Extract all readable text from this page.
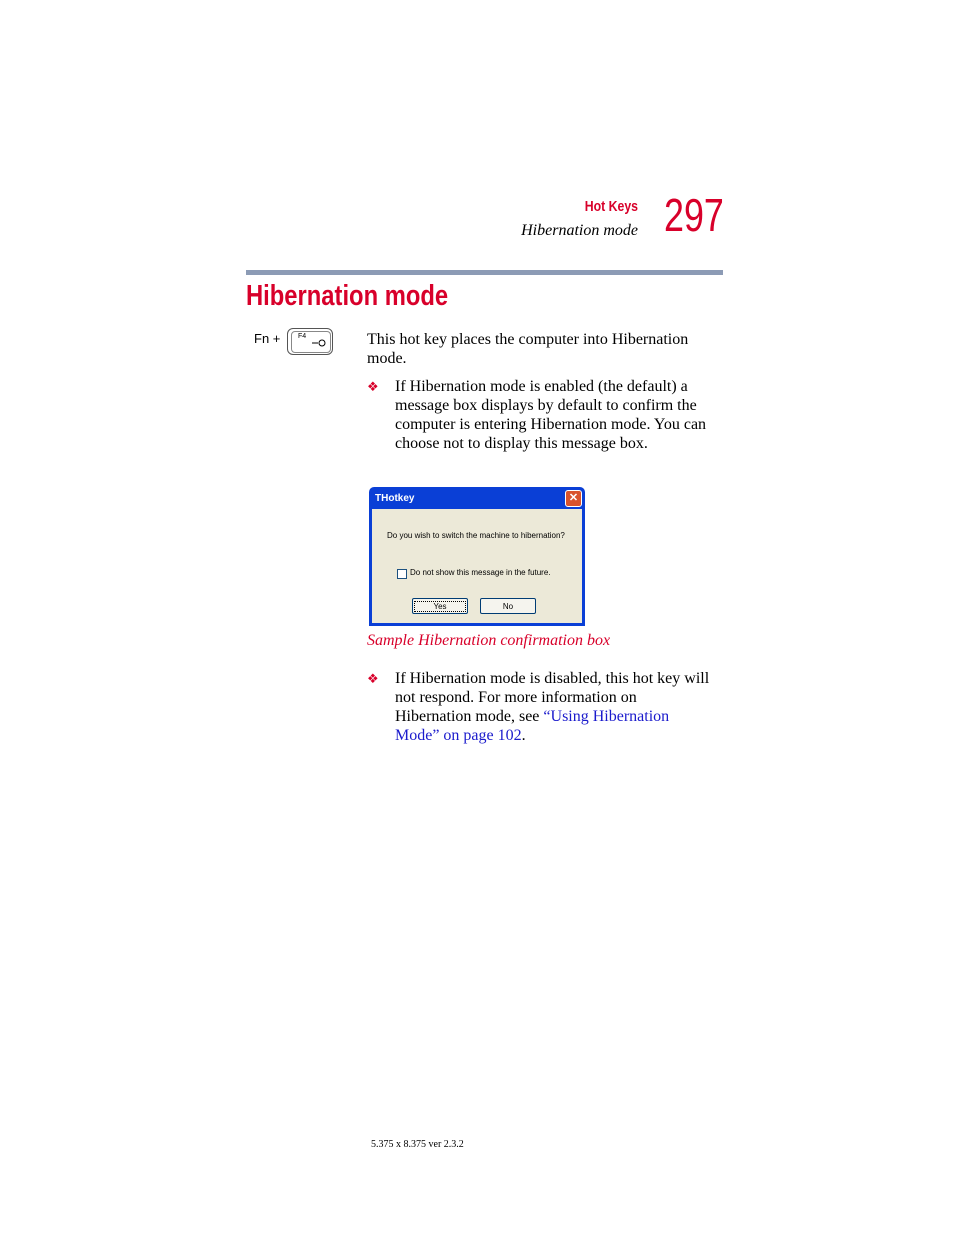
Hot Keys
Hibernation mode 297
Hibernation mode
Fn +	F4	This hot key places the computer into Hibernation mode.
❖ If Hibernation mode is enabled (the default) a message box displays by default to confirm the computer is entering Hibernation mode. You can choose not to display this message box.
THotkey	✕
Do you wish to switch the machine to hibernation?
Do not show this message in the future.
Yes	No
Sample Hibernation confirmation box
❖ If Hibernation mode is disabled, this hot key will not respond. For more information on Hibernation mode, see “Using Hibernation Mode” on page 102.
5.375 x 8.375 ver 2.3.2
